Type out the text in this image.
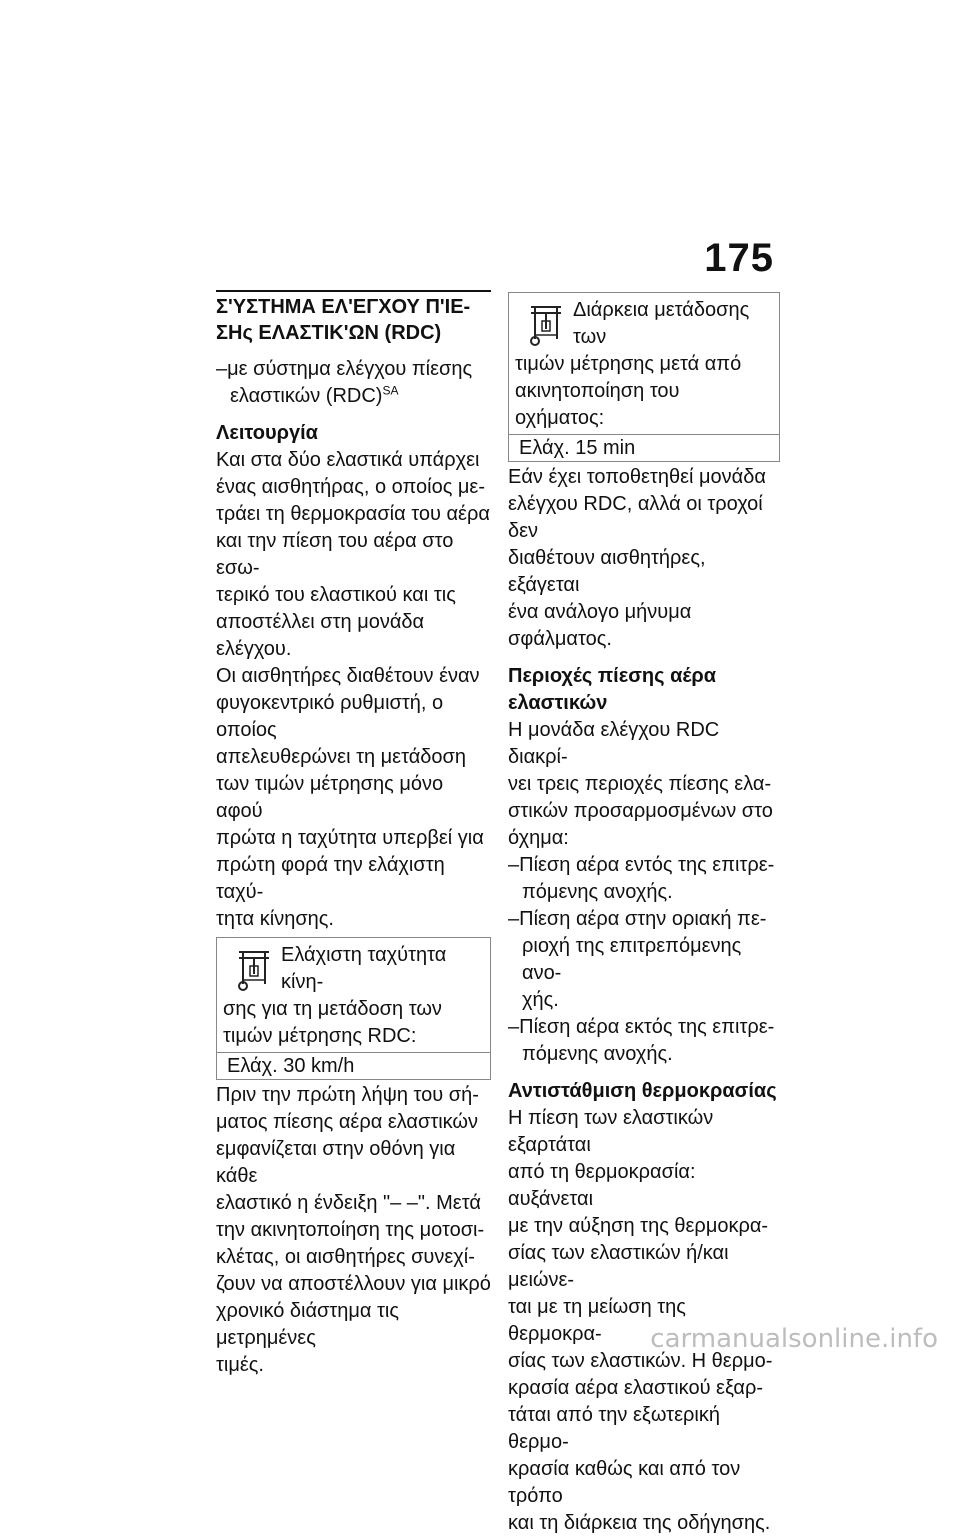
175
Σ'ΥΣΤΗΜΑ ΕΛ'ΕΓΧΟΥ Π'ΙΕ-
ΣΗς ΕΛΑΣΤΙΚ'ΩΝ (RDC)
–με σύστημα ελέγχου πίεσης
ελαστικών (RDC)$^{SA}$
Λειτουργία
Και στα δύο ελαστικά υπάρχει
ένας αισθητήρας, ο οποίος με-
τράει τη θερμοκρασία του αέρα
και την πίεση του αέρα στο εσω-
τερικό του ελαστικού και τις
αποστέλλει στη μονάδα ελέγχου.
Οι αισθητήρες διαθέτουν έναν
φυγοκεντρικό ρυθμιστή, ο οποίος
απελευθερώνει τη μετάδοση
των τιμών μέτρησης μόνο αφού
πρώτα η ταχύτητα υπερβεί για
πρώτη φορά την ελάχιστη ταχύ-
τητα κίνησης.
Ελάχιστη ταχύτητα κίνη-
σης για τη μετάδοση των
τιμών μέτρησης RDC:
Ελάχ. 30 km/h
Πριν την πρώτη λήψη του σή-
ματος πίεσης αέρα ελαστικών
εμφανίζεται στην οθόνη για κάθε
ελαστικό η ένδειξη "– –". Μετά
την ακινητοποίηση της μοτοσι-
κλέτας, οι αισθητήρες συνεχί-
ζουν να αποστέλλουν για μικρό
χρονικό διάστημα τις μετρημένες
τιμές.
Διάρκεια μετάδοσης των
τιμών μέτρησης μετά από
ακινητοποίηση του οχήματος:
Ελάχ. 15 min
Εάν έχει τοποθετηθεί μονάδα
ελέγχου RDC, αλλά οι τροχοί δεν
διαθέτουν αισθητήρες, εξάγεται
ένα ανάλογο μήνυμα σφάλματος.
Περιοχές πίεσης αέρα
ελαστικών
Η μονάδα ελέγχου RDC διακρί-
νει τρεις περιοχές πίεσης ελα-
στικών προσαρμοσμένων στο
όχημα:
–Πίεση αέρα εντός της επιτρε-
πόμενης ανοχής.
–Πίεση αέρα στην οριακή πε-
ριοχή της επιτρεπόμενης ανο-
χής.
–Πίεση αέρα εκτός της επιτρε-
πόμενης ανοχής.
Αντιστάθμιση θερμοκρασίας
Η πίεση των ελαστικών εξαρτάται
από τη θερμοκρασία: αυξάνεται
με την αύξηση της θερμοκρα-
σίας των ελαστικών ή/και μειώνε-
ται με τη μείωση της θερμοκρα-
σίας των ελαστικών. Η θερμο-
κρασία αέρα ελαστικού εξαρ-
τάται από την εξωτερική θερμο-
κρασία καθώς και από τον τρόπο
και τη διάρκεια της οδήγησης.
carmanualsonline.info
